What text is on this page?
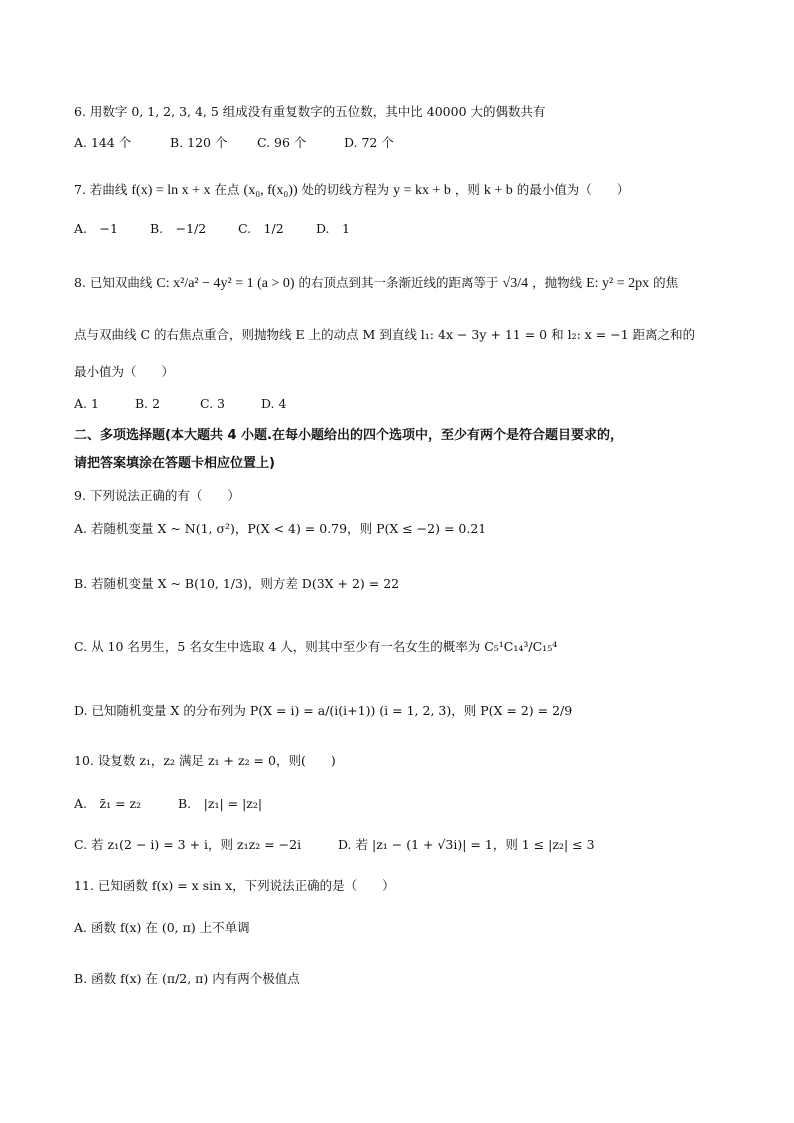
6. 用数字 0, 1, 2, 3, 4, 5 组成没有重复数字的五位数，其中比 40000 大的偶数共有
A. 144 个	B. 120 个 C. 96 个	D. 72 个
7. 若曲线 f(x) = ln x + x 在点 (x₀, f(x₀)) 处的切线方程为 y = kx + b ，则 k + b 的最小值为（　　）
A.　−1	B.　−1/2	C.　1/2	D.　1
8. 已知双曲线 C: x²/a² − 4y² = 1 (a > 0) 的右顶点到其一条渐近线的距离等于 √3/4 ，抛物线 E: y² = 2px 的焦
点与双曲线 C 的右焦点重合，则抛物线 E 上的动点 M 到直线 l₁: 4x − 3y + 11 = 0 和 l₂: x = −1 距离之和的
最小值为（　　）
A. 1	B. 2	C. 3	D. 4
二、多项选择题(本大题共 4 小题.在每小题给出的四个选项中，至少有两个是符合题目要求的，
请把答案填涂在答题卡相应位置上)
9. 下列说法正确的有（　　）
A. 若随机变量 X ~ N(1, σ²)，P(X < 4) = 0.79，则 P(X ≤ −2) = 0.21
B. 若随机变量 X ~ B(10, 1/3)，则方差 D(3X + 2) = 22
C. 从 10 名男生，5 名女生中选取 4 人，则其中至少有一名女生的概率为 C₅¹C₁₄³/C₁₅⁴
D. 已知随机变量 X 的分布列为 P(X = i) = a/(i(i+1)) (i = 1, 2, 3)，则 P(X = 2) = 2/9
10. 设复数 z₁，z₂ 满足 z₁ + z₂ = 0，则(　　)
A.　z̄₁ = z₂	B.　|z₁| = |z₂|
C. 若 z₁(2 − i) = 3 + i，则 z₁z₂ = −2i	D. 若 |z₁ − (1 + √3i)| = 1，则 1 ≤ |z₂| ≤ 3
11. 已知函数 f(x) = x sin x，下列说法正确的是（　　）
A. 函数 f(x) 在 (0, π) 上不单调
B. 函数 f(x) 在 (π/2, π) 内有两个极值点
